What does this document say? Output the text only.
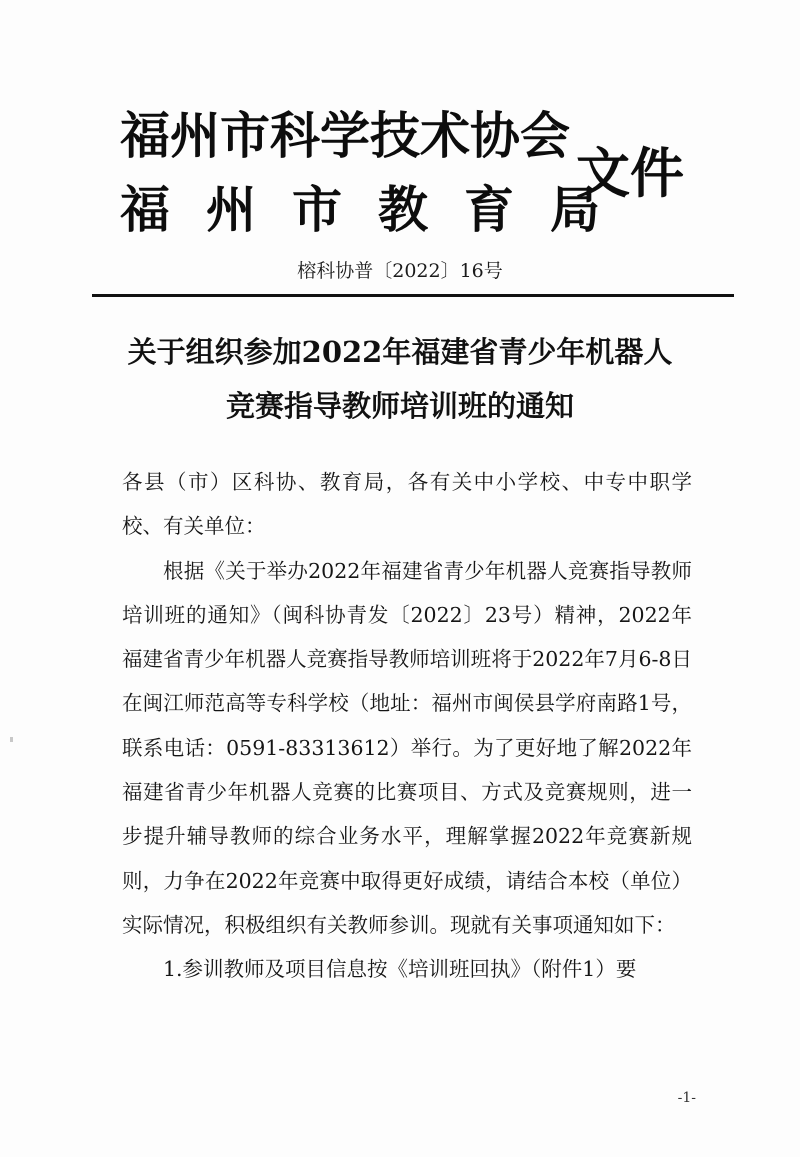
福州市科学技术协会
福州市教育局
文件
榕科协普〔2022〕16号
关于组织参加2022年福建省青少年机器人
竞赛指导教师培训班的通知

各县（市）区科协、教育局，各有关中小学校、中专中职学校、有关单位：

根据《关于举办2022年福建省青少年机器人竞赛指导教师培训班的通知》（闽科协青发〔2022〕23号）精神，2022年福建省青少年机器人竞赛指导教师培训班将于2022年7月6-8日在闽江师范高等专科学校（地址：福州市闽侯县学府南路1号，联系电话：0591-83313612）举行。为了更好地了解2022年福建省青少年机器人竞赛的比赛项目、方式及竞赛规则，进一步提升辅导教师的综合业务水平，理解掌握2022年竞赛新规则，力争在2022年竞赛中取得更好成绩，请结合本校（单位）实际情况，积极组织有关教师参训。现就有关事项通知如下：

1.参训教师及项目信息按《培训班回执》（附件1）要

-1-
